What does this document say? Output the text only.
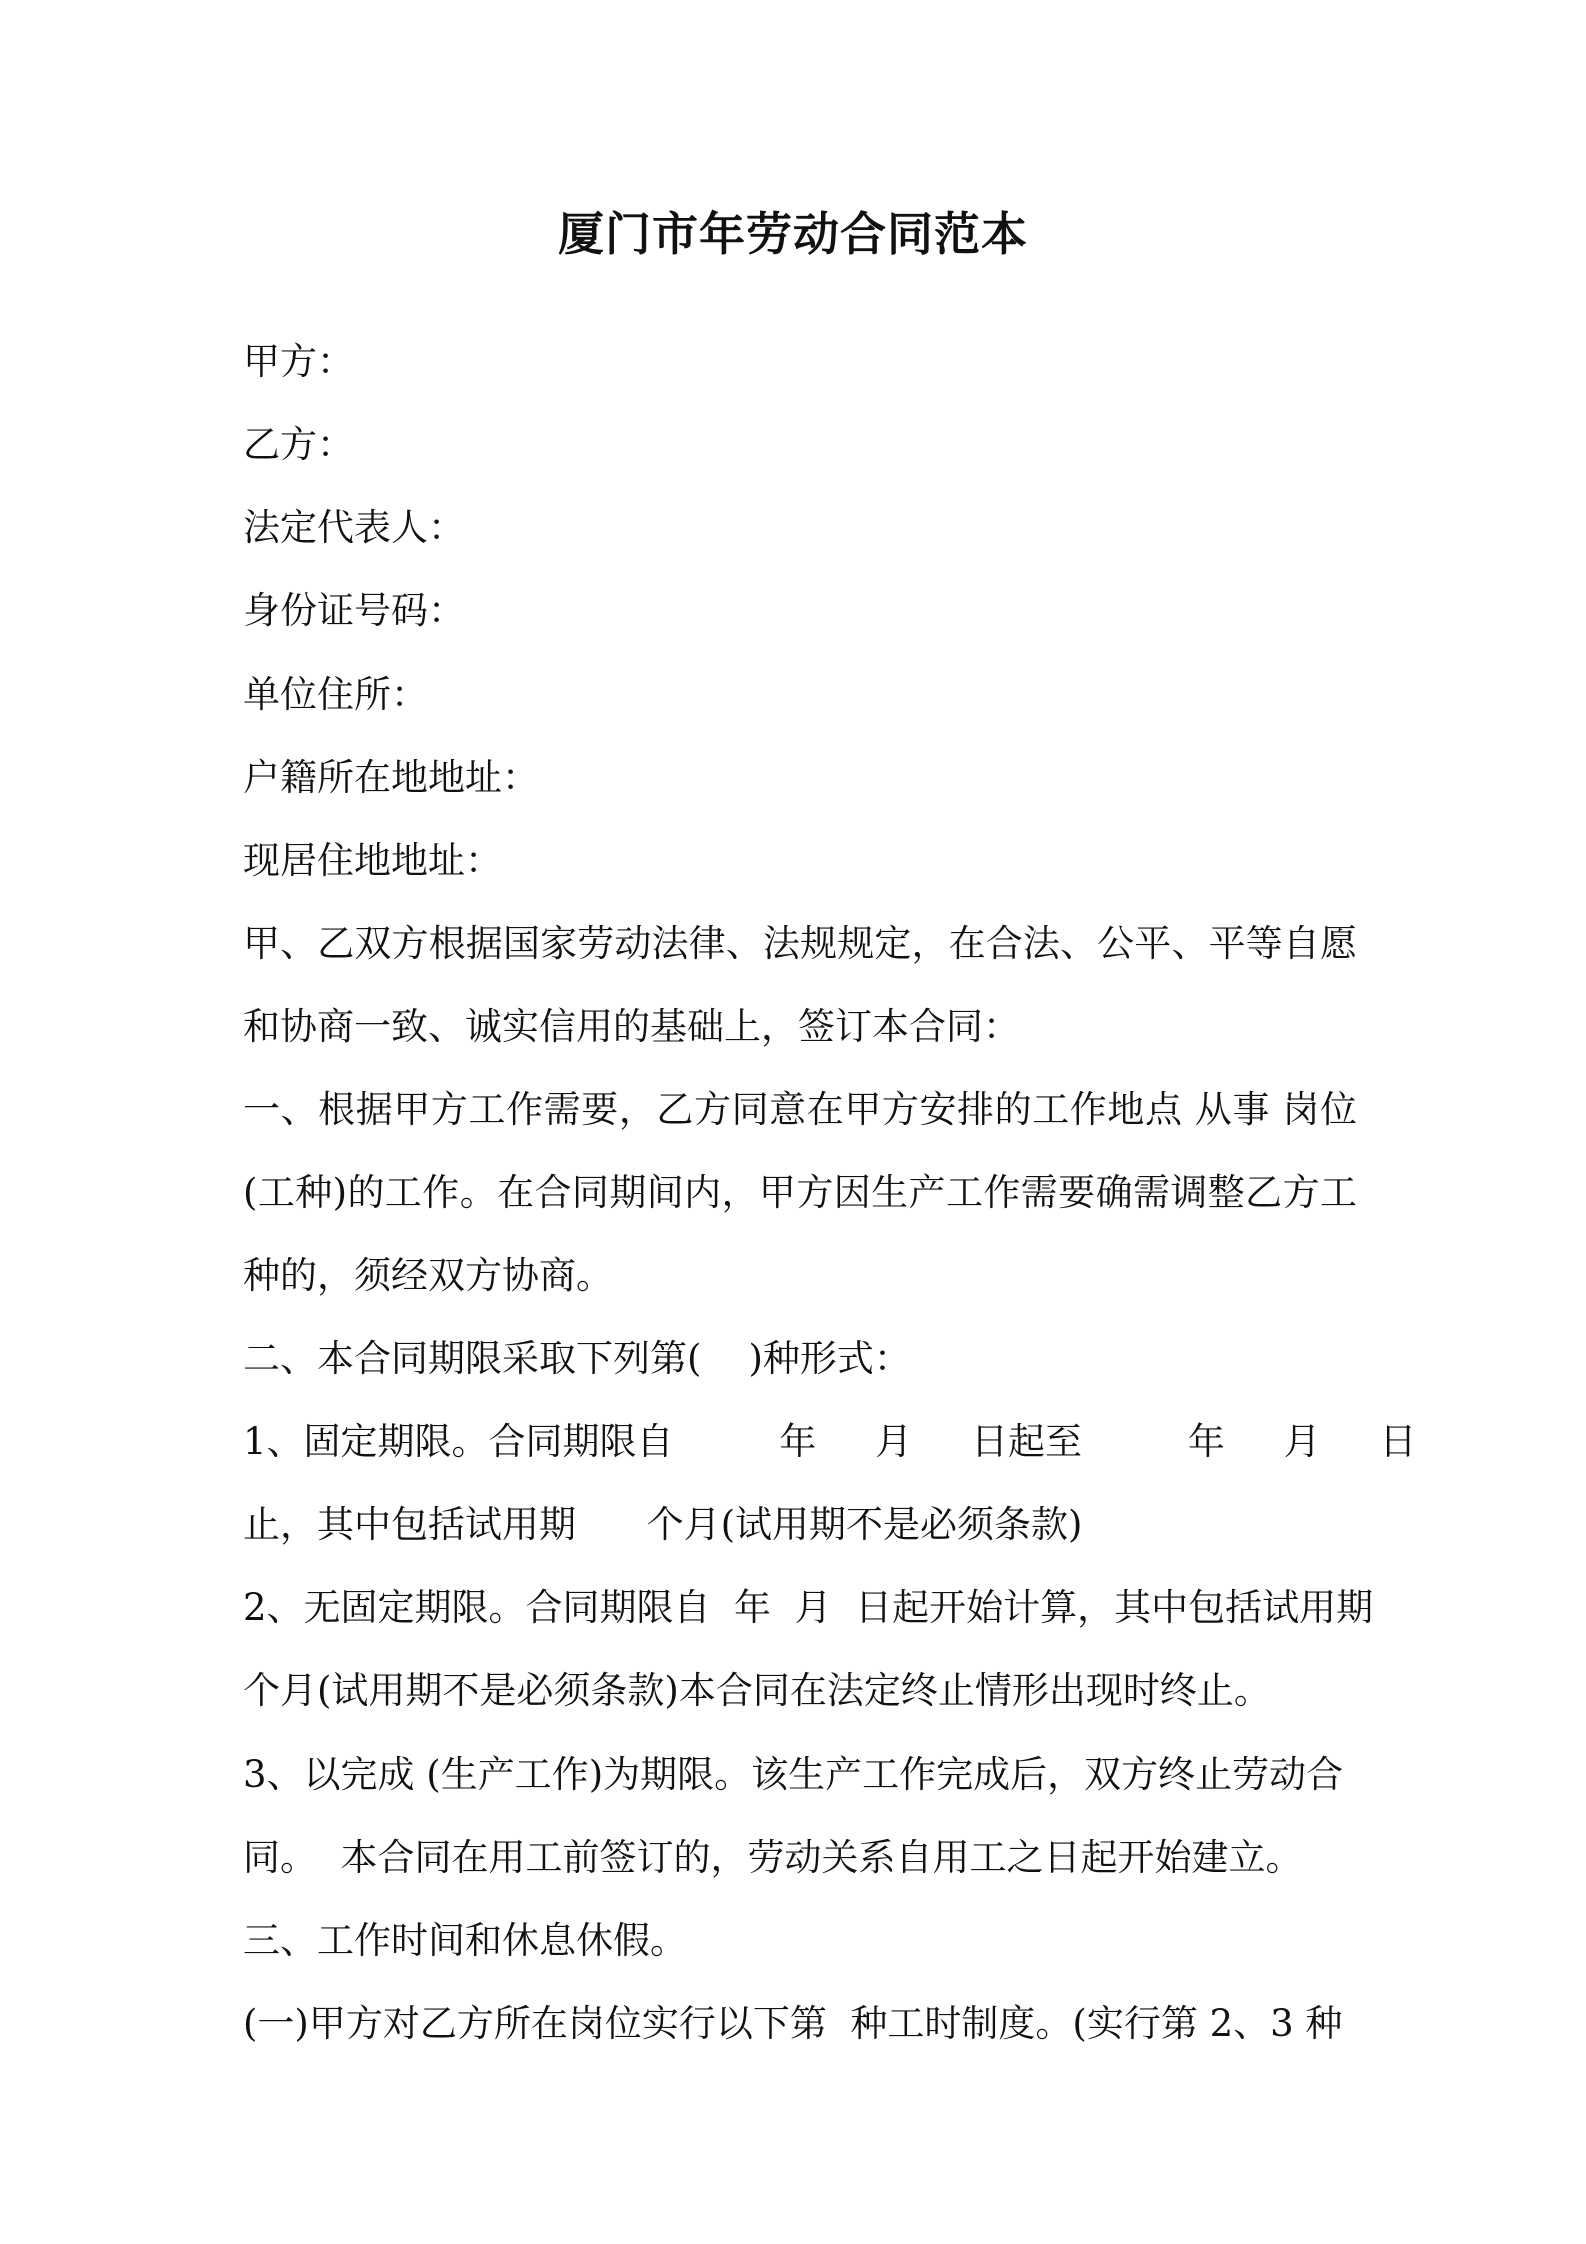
厦门市年劳动合同范本

甲方：

乙方：

法定代表人：

身份证号码：

单位住所：

户籍所在地地址：

现居住地地址：

甲、乙双方根据国家劳动法律、法规规定，在合法、公平、平等自愿

和协商一致、诚实信用的基础上，签订本合同：

一、根据甲方工作需要，乙方同意在甲方安排的工作地点 从事 岗位

(工种)的工作。在合同期间内，甲方因生产工作需要确需调整乙方工

种的，须经双方协商。

二、本合同期限采取下列第(    )种形式：

1、固定期限。合同期限自         年     月     日起至         年     月     日

止，其中包括试用期      个月(试用期不是必须条款)

2、无固定期限。合同期限自  年  月  日起开始计算，其中包括试用期

个月(试用期不是必须条款)本合同在法定终止情形出现时终止。

3、以完成 (生产工作)为期限。该生产工作完成后，双方终止劳动合

同。  本合同在用工前签订的，劳动关系自用工之日起开始建立。

三、工作时间和休息休假。

(一)甲方对乙方所在岗位实行以下第  种工时制度。(实行第 2、3 种
